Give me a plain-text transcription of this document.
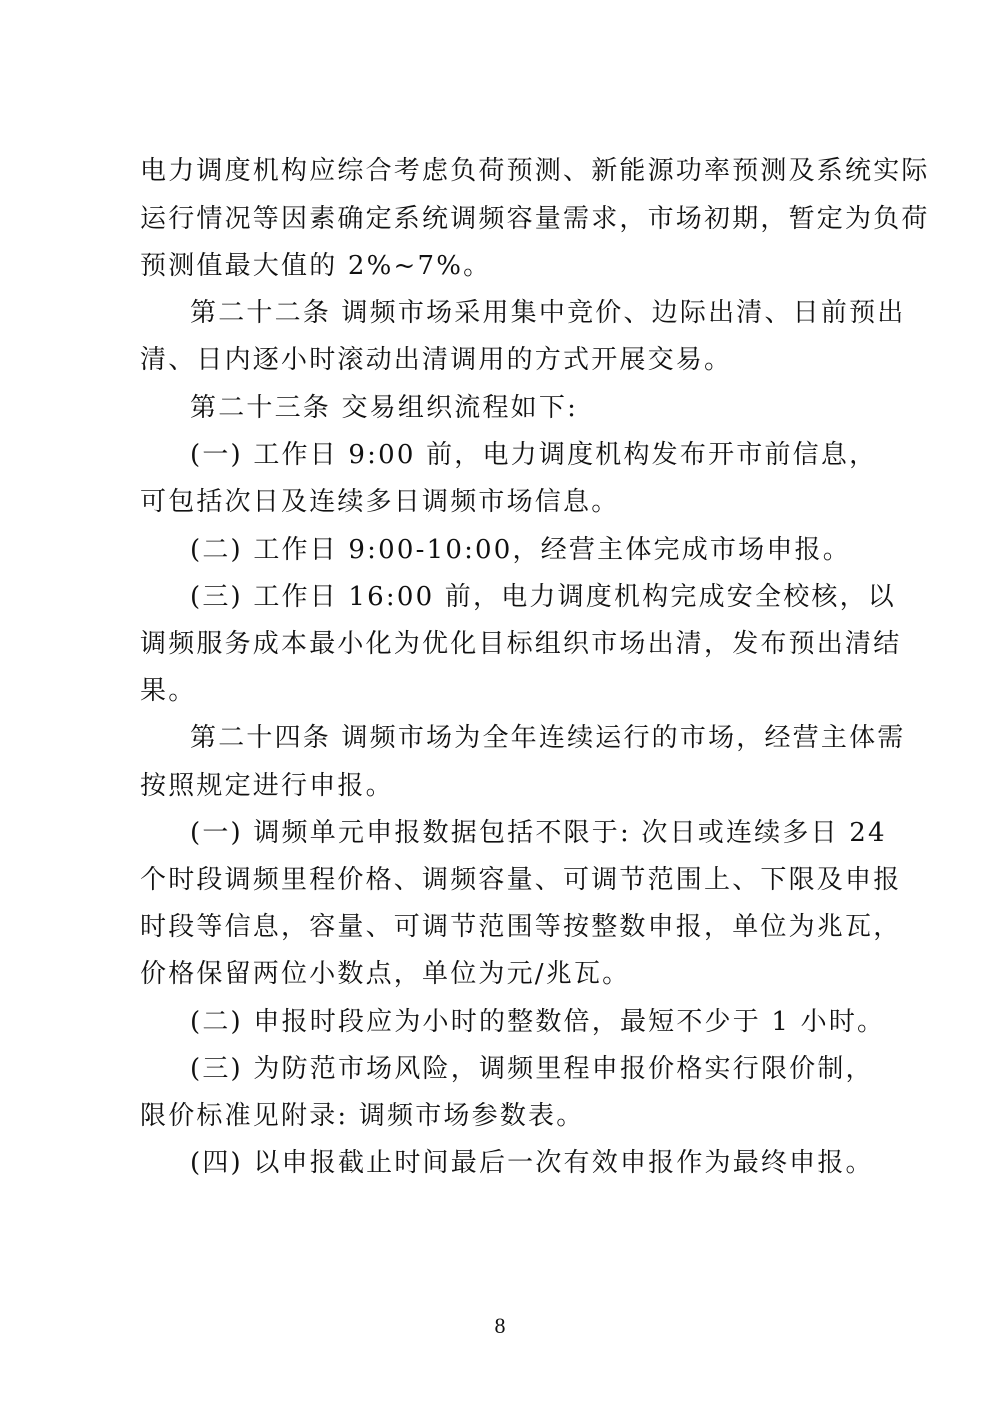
电力调度机构应综合考虑负荷预测、新能源功率预测及系统实际
运行情况等因素确定系统调频容量需求，市场初期，暂定为负荷
预测值最大值的 2%~7%。
第二十二条 调频市场采用集中竞价、边际出清、日前预出
清、日内逐小时滚动出清调用的方式开展交易。
第二十三条 交易组织流程如下:
(一) 工作日 9:00 前，电力调度机构发布开市前信息，
可包括次日及连续多日调频市场信息。
(二) 工作日 9:00-10:00，经营主体完成市场申报。
(三) 工作日 16:00 前，电力调度机构完成安全校核，以
调频服务成本最小化为优化目标组织市场出清，发布预出清结
果。
第二十四条 调频市场为全年连续运行的市场，经营主体需
按照规定进行申报。
(一) 调频单元申报数据包括不限于: 次日或连续多日 24
个时段调频里程价格、调频容量、可调节范围上、下限及申报
时段等信息，容量、可调节范围等按整数申报，单位为兆瓦，
价格保留两位小数点，单位为元/兆瓦。
(二) 申报时段应为小时的整数倍，最短不少于 1 小时。
(三) 为防范市场风险，调频里程申报价格实行限价制，
限价标准见附录: 调频市场参数表。
(四) 以申报截止时间最后一次有效申报作为最终申报。
8
